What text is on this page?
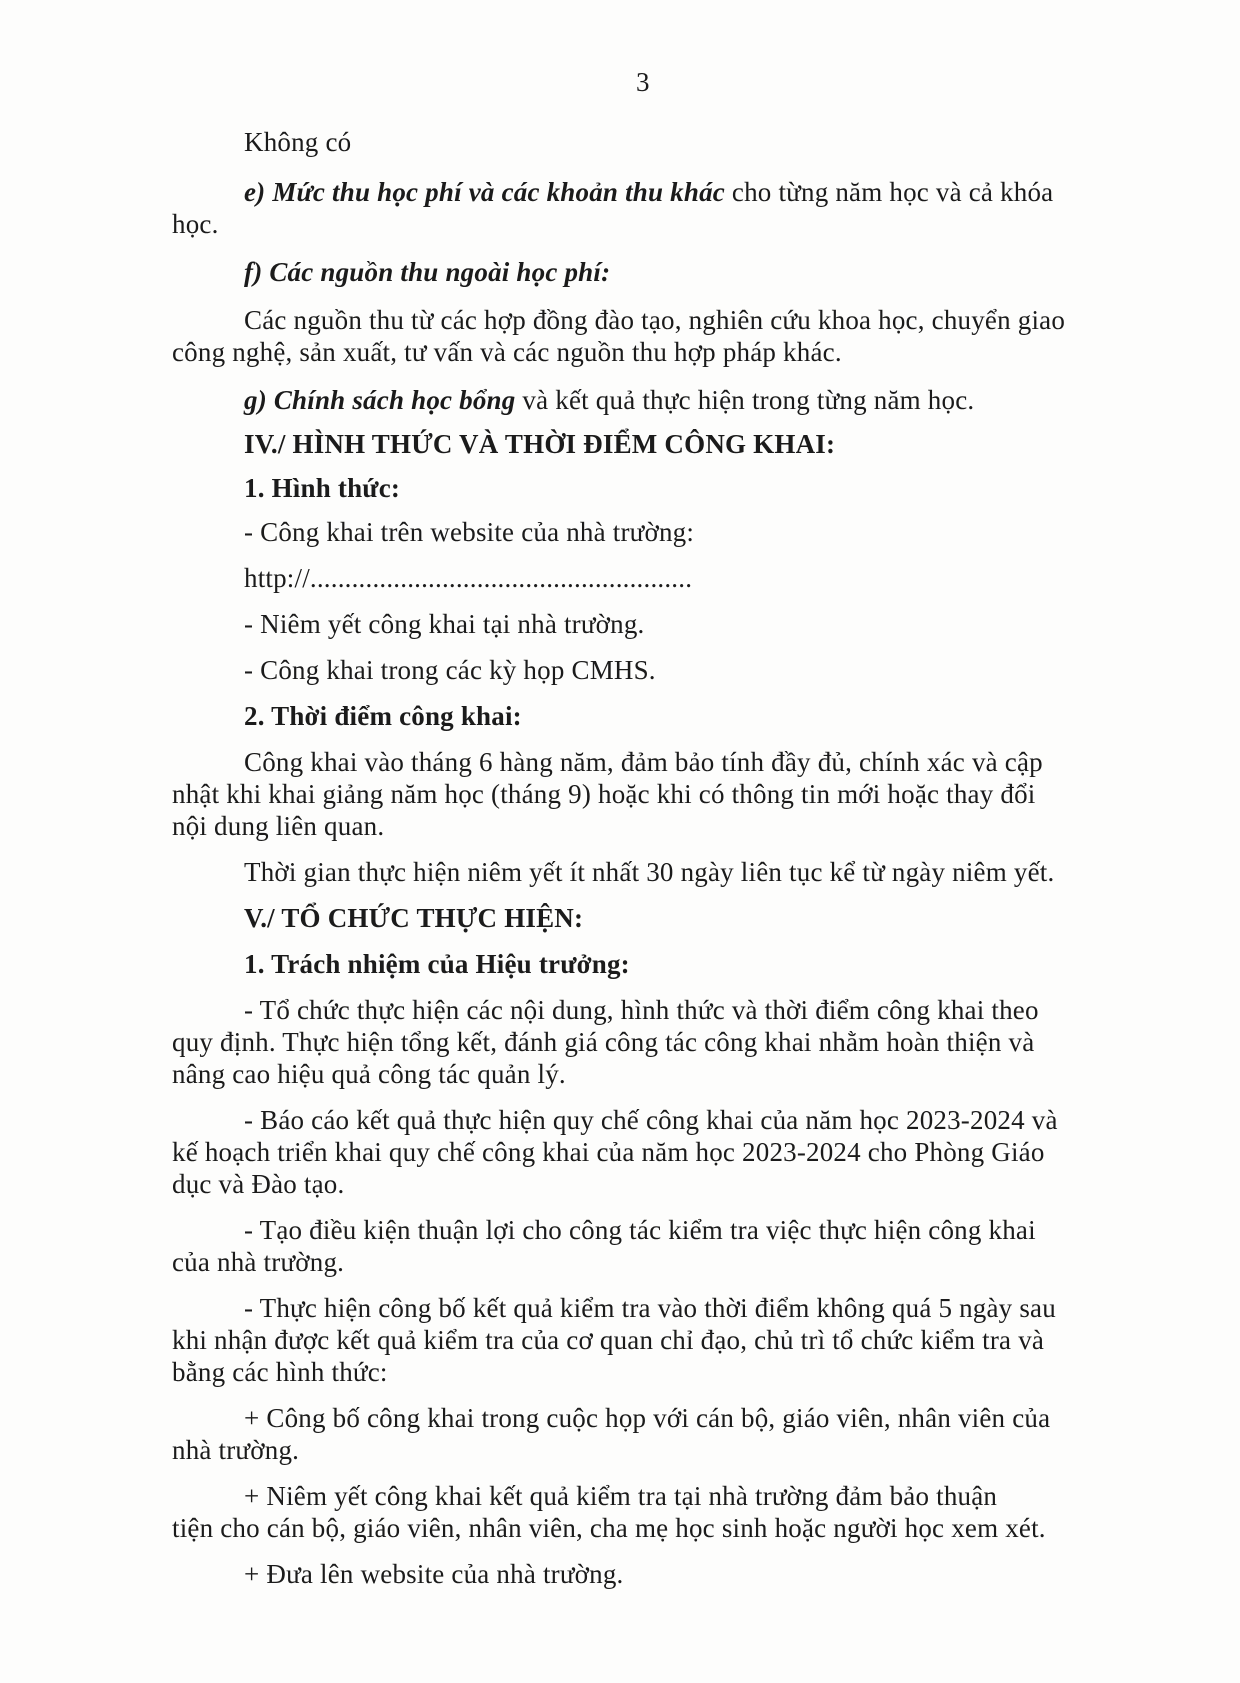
3
Không có
e) Mức thu học phí và các khoản thu khác cho từng năm học và cả khóa
học.
f) Các nguồn thu ngoài học phí:
Các nguồn thu từ các hợp đồng đào tạo, nghiên cứu khoa học, chuyển giao
công nghệ, sản xuất, tư vấn và các nguồn thu hợp pháp khác.
g) Chính sách học bổng và kết quả thực hiện trong từng năm học.
IV./ HÌNH THỨC VÀ THỜI ĐIỂM CÔNG KHAI:
1. Hình thức:
- Công khai trên website của nhà trường:
http://.......................................................
- Niêm yết công khai tại nhà trường.
- Công khai trong các kỳ họp CMHS.
2. Thời điểm công khai:
Công khai vào tháng 6 hàng năm, đảm bảo tính đầy đủ, chính xác và cập
nhật khi khai giảng năm học (tháng 9) hoặc khi có thông tin mới hoặc thay đổi
nội dung liên quan.
Thời gian thực hiện niêm yết ít nhất 30 ngày liên tục kể từ ngày niêm yết.
V./ TỔ CHỨC THỰC HIỆN:
1. Trách nhiệm của Hiệu trưởng:
- Tổ chức thực hiện các nội dung, hình thức và thời điểm công khai theo
quy định. Thực hiện tổng kết, đánh giá công tác công khai nhằm hoàn thiện và
nâng cao hiệu quả công tác quản lý.
- Báo cáo kết quả thực hiện quy chế công khai của năm học 2023-2024 và
kế hoạch triển khai quy chế công khai của năm học 2023-2024 cho Phòng Giáo
dục và Đào tạo.
- Tạo điều kiện thuận lợi cho công tác kiểm tra việc thực hiện công khai
của nhà trường.
- Thực hiện công bố kết quả kiểm tra vào thời điểm không quá 5 ngày sau
khi nhận được kết quả kiểm tra của cơ quan chỉ đạo, chủ trì tổ chức kiểm tra và
bằng các hình thức:
+ Công bố công khai trong cuộc họp với cán bộ, giáo viên, nhân viên của
nhà trường.
+ Niêm yết công khai kết quả kiểm tra tại nhà trường đảm bảo thuận
tiện cho cán bộ, giáo viên, nhân viên, cha mẹ học sinh hoặc người học xem xét.
+ Đưa lên website của nhà trường.
